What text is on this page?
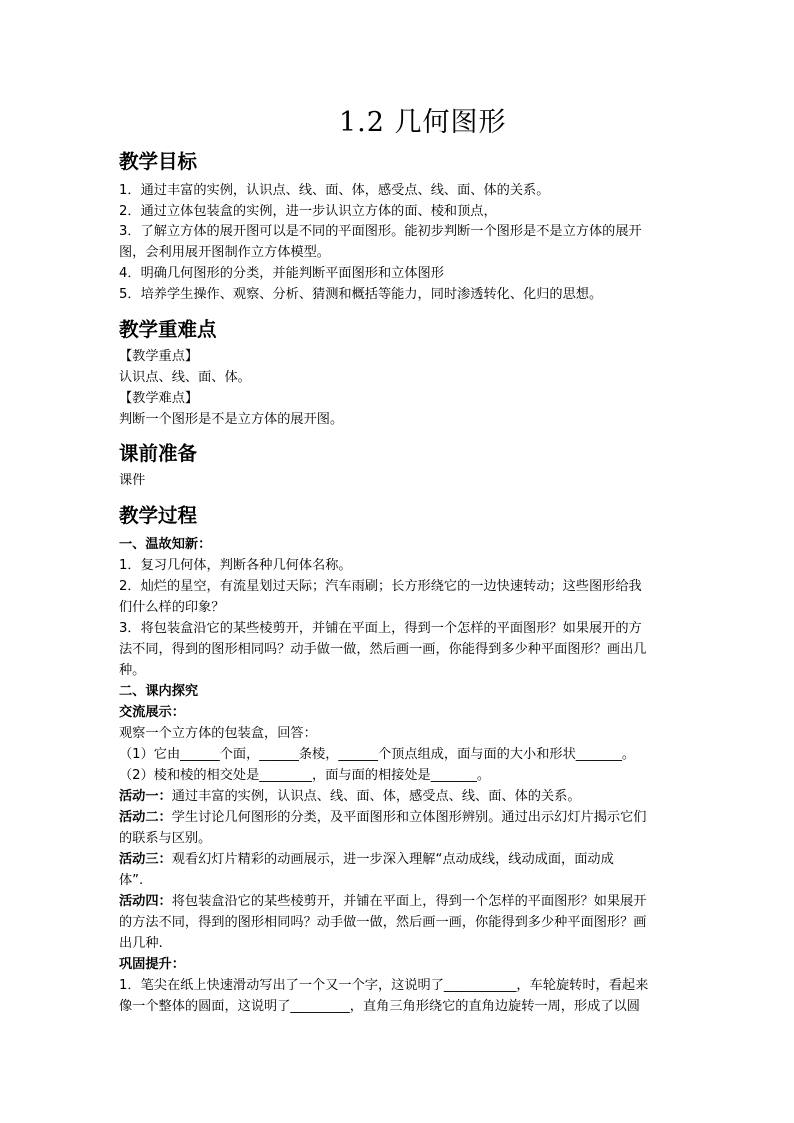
1.2 几何图形
教学目标
1．通过丰富的实例，认识点、线、面、体，感受点、线、面、体的关系。
2．通过立体包装盒的实例，进一步认识立方体的面、棱和顶点，
3．了解立方体的展开图可以是不同的平面图形。能初步判断一个图形是不是立方体的展开
图，会利用展开图制作立方体模型。
4．明确几何图形的分类，并能判断平面图形和立体图形
5．培养学生操作、观察、分析、猜测和概括等能力，同时渗透转化、化归的思想。
教学重难点
【教学重点】
认识点、线、面、体。
【教学难点】
判断一个图形是不是立方体的展开图。
课前准备
课件
教学过程
一、温故知新：
1．复习几何体，判断各种几何体名称。
2．灿烂的星空，有流星划过天际；汽车雨刷；长方形绕它的一边快速转动；这些图形给我
们什么样的印象？
3．将包装盒沿它的某些棱剪开，并铺在平面上，得到一个怎样的平面图形？如果展开的方
法不同，得到的图形相同吗？动手做一做，然后画一画，你能得到多少种平面图形？画出几
种。
二、课内探究
交流展示：
观察一个立方体的包装盒，回答：
（1）它由______个面，______条棱，______个顶点组成，面与面的大小和形状_______。
（2）棱和棱的相交处是________，面与面的相接处是_______。
活动一：通过丰富的实例，认识点、线、面、体，感受点、线、面、体的关系。
活动二：学生讨论几何图形的分类，及平面图形和立体图形辨别。通过出示幻灯片揭示它们
的联系与区别。
活动三：观看幻灯片精彩的动画展示，进一步深入理解“点动成线，线动成面，面动成
体”.
活动四：将包装盒沿它的某些棱剪开，并铺在平面上，得到一个怎样的平面图形？如果展开
的方法不同，得到的图形相同吗？动手做一做，然后画一画，你能得到多少种平面图形？画
出几种.
巩固提升：
1．笔尖在纸上快速滑动写出了一个又一个字，这说明了___________，车轮旋转时，看起来
像一个整体的圆面，这说明了_________，直角三角形绕它的直角边旋转一周，形成了以圆
